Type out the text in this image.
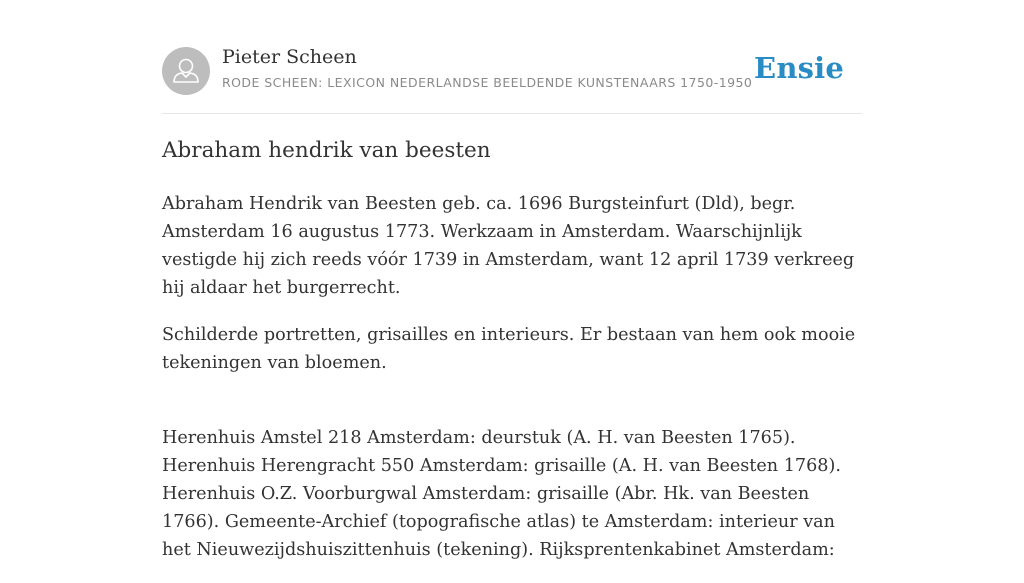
Pieter Scheen
RODE SCHEEN: LEXICON NEDERLANDSE BEELDENDE KUNSTENAARS 1750-1950 Ensie
Abraham hendrik van beesten

Abraham Hendrik van Beesten geb. ca. 1696 Burgsteinfurt (Dld), begr. Amsterdam 16 augustus 1773. Werkzaam in Amsterdam. Waarschijnlijk vestigde hij zich reeds vóór 1739 in Amsterdam, want 12 april 1739 verkreeg hij aldaar het burgerrecht.

Schilderde portretten, grisailles en interieurs. Er bestaan van hem ook mooie tekeningen van bloemen.

Herenhuis Amstel 218 Amsterdam: deurstuk (A. H. van Beesten 1765). Herenhuis Herengracht 550 Amsterdam: grisaille (A. H. van Beesten 1768). Herenhuis O.Z. Voorburgwal Amsterdam: grisaille (Abr. Hk. van Beesten 1766). Gemeente-Archief (topografische atlas) te Amsterdam: interieur van het Nieuwezijdshuiszittenhuis (tekening). Rijksprentenkabinet Amsterdam:
